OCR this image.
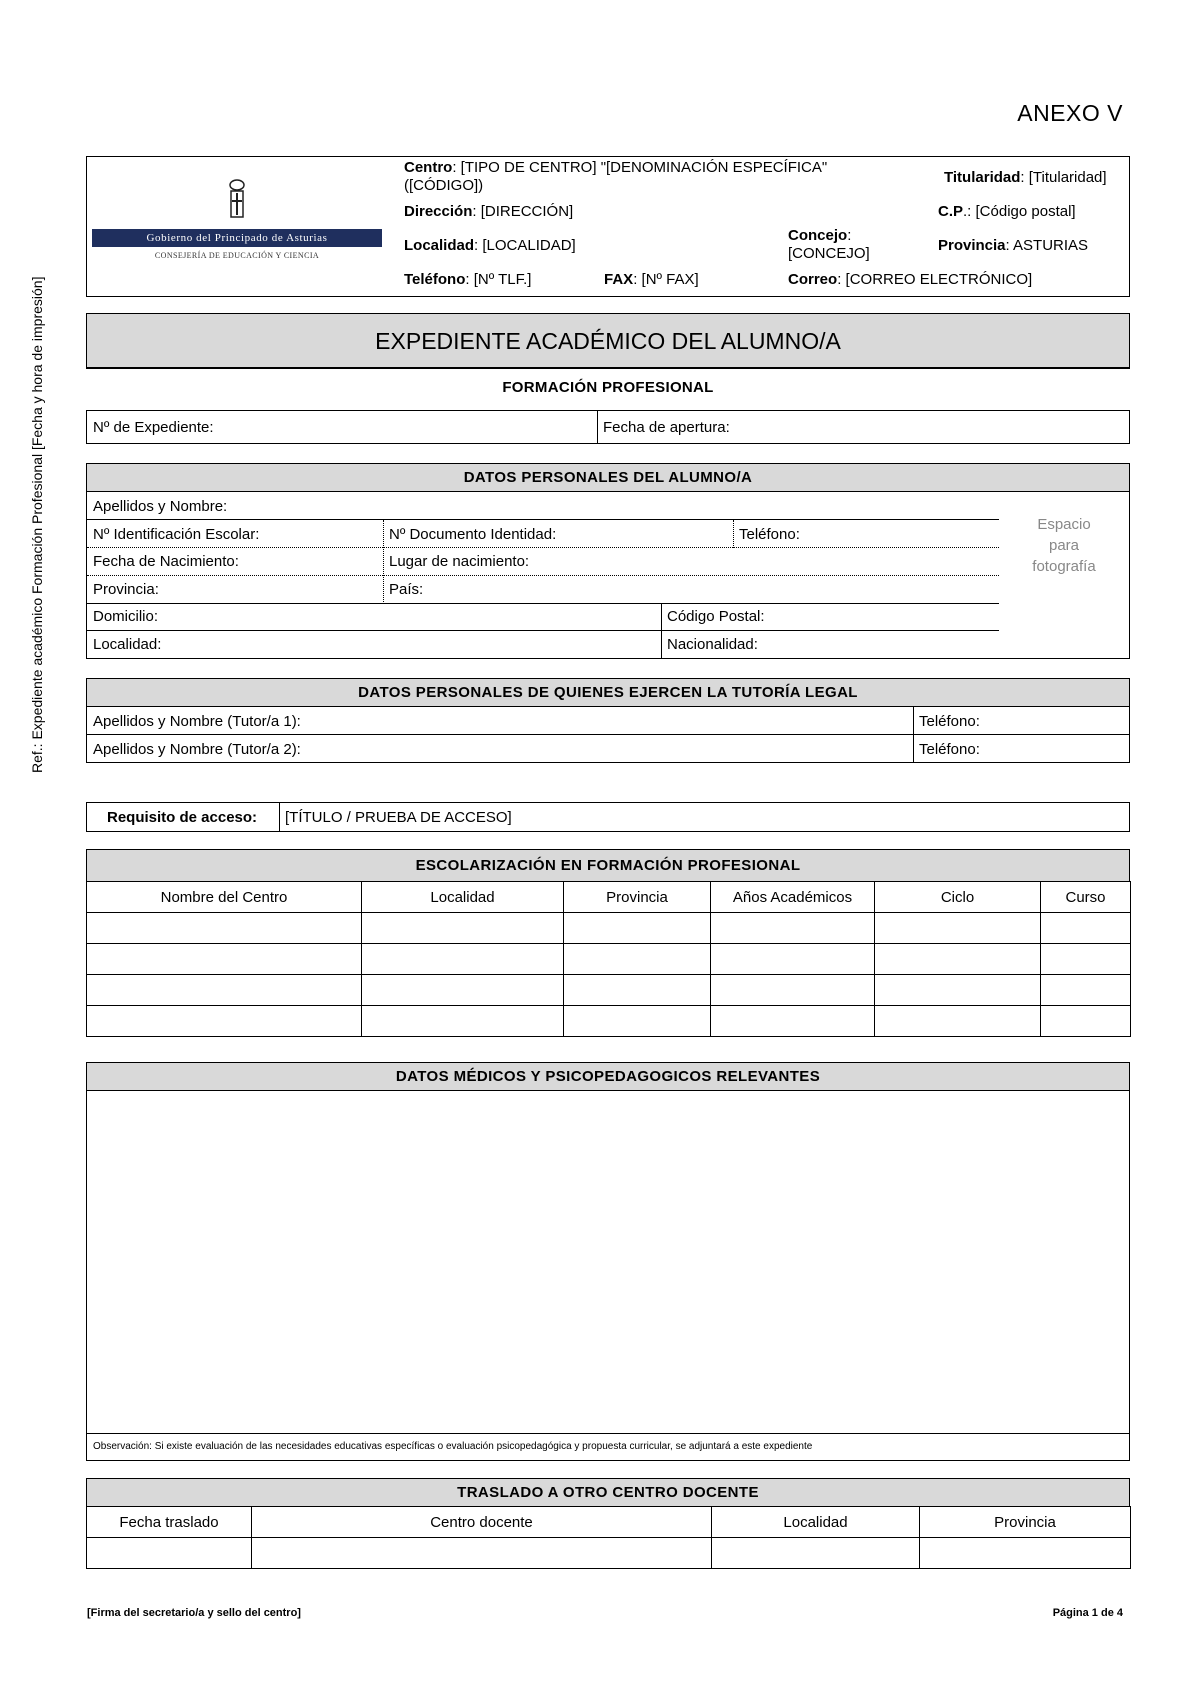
Ref.: Expediente académico Formación Profesional [Fecha y hora de impresión]
ANEXO V
Gobierno del Principado de Asturias
CONSEJERÍA DE EDUCACIÓN Y CIENCIA
Centro: [TIPO DE CENTRO] "[DENOMINACIÓN ESPECÍFICA"
([CÓDIGO])	Titularidad: [Titularidad]
Dirección: [DIRECCIÓN]	C.P.: [Código postal]
Localidad: [LOCALIDAD]
Concejo:
[CONCEJO]	Provincia: ASTURIAS
Teléfono: [Nº TLF.]	FAX: [Nº FAX]	Correo: [CORREO ELECTRÓNICO]
EXPEDIENTE ACADÉMICO DEL ALUMNO/A
FORMACIÓN PROFESIONAL
Nº de Expediente:	Fecha de apertura:
DATOS PERSONALES DEL ALUMNO/A
Apellidos y Nombre:
Nº Identificación Escolar:	Nº Documento Identidad:	Teléfono:
Fecha de Nacimiento:	Lugar de nacimiento:
Provincia:	País:
Domicilio:	Código Postal:
Localidad:	Nacionalidad:
Espacio
para
fotografía
DATOS PERSONALES DE QUIENES EJERCEN LA TUTORÍA LEGAL
Apellidos y Nombre (Tutor/a 1):	Teléfono:
Apellidos y Nombre (Tutor/a 2):	Teléfono:
Requisito de acceso: [TÍTULO / PRUEBA DE ACCESO]
ESCOLARIZACIÓN EN FORMACIÓN PROFESIONAL
Nombre del Centro	Localidad	Provincia	Años Académicos	Ciclo	Curso

DATOS MÉDICOS Y PSICOPEDAGOGICOS RELEVANTES
Observación: Si existe evaluación de las necesidades educativas específicas o evaluación psicopedagógica y propuesta curricular, se adjuntará a este expediente
TRASLADO A OTRO CENTRO DOCENTE
Fecha traslado	Centro docente	Localidad	Provincia

[Firma del secretario/a y sello del centro]	Página 1 de 4
